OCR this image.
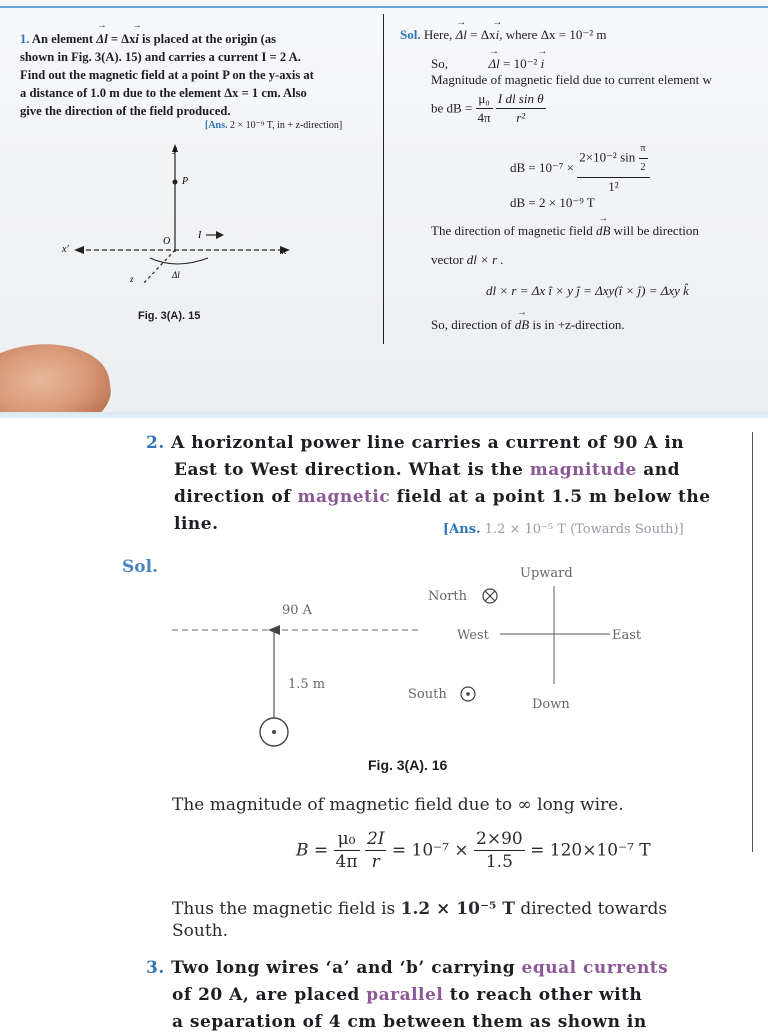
1. An element → Δl = Δx→ i is placed at the origin (as
shown in Fig. 3(A). 15) and carries a current I = 2 A.
Find out the magnetic field at a point P on the y-axis at
a distance of 1.0 m due to the element Δx = 1 cm. Also
give the direction of the field produced.
[Ans. 2 × 10⁻⁹ T, in + z-direction]
y
P
O
I
x
x′
Δl
z
Fig. 3(A). 15
Sol. Here, → Δl = Δx→ i, where Δx = 10⁻² m
So,	→ Δl = 10⁻² → i
Magnitude of magnetic field due to current element w
be dB = $\frac{\text{μ₀}}{4\pi}$
$\frac{\text{I dl sin θ}}{\text{r²}}$
dB = $10^{-7} \times \frac{2\times 10^{-2} \sin \frac{\pi}{2}}{\text{1²}}$
dB = 2 × 10⁻⁹ T
The direction of magnetic field → dB will be direction
vector dl × r .
dl × r = Δx î × y ĵ = Δxy(î × ĵ) = Δxy k̂
So, direction of → dB is in +z-direction.
2. A horizontal power line carries a current of 90 A in
East to West direction. What is the magnitude and
direction of magnetic field at a point 1.5 m below the
line.	[Ans. 1.2 × 10⁻⁵ T (Towards South)]
Sol.
90 A
1.5 m
North
South
Upward
West	East
Down
Fig. 3(A). 16
The magnitude of magnetic field due to ∞ long wire.
$B = \frac{\text{μ₀}}{4\pi}$
$\frac{2I}{r} = 10^{-7} \times \frac{2\times 90}{1.5} = 120\times 10^{-7}$ T
Thus the magnetic field is 1.2 × 10⁻⁵ T directed towards
South.
3. Two long wires ‘a’ and ‘b’ carrying equal currents
of 20 A, are placed parallel to reach other with
a separation of 4 cm between them as shown in
